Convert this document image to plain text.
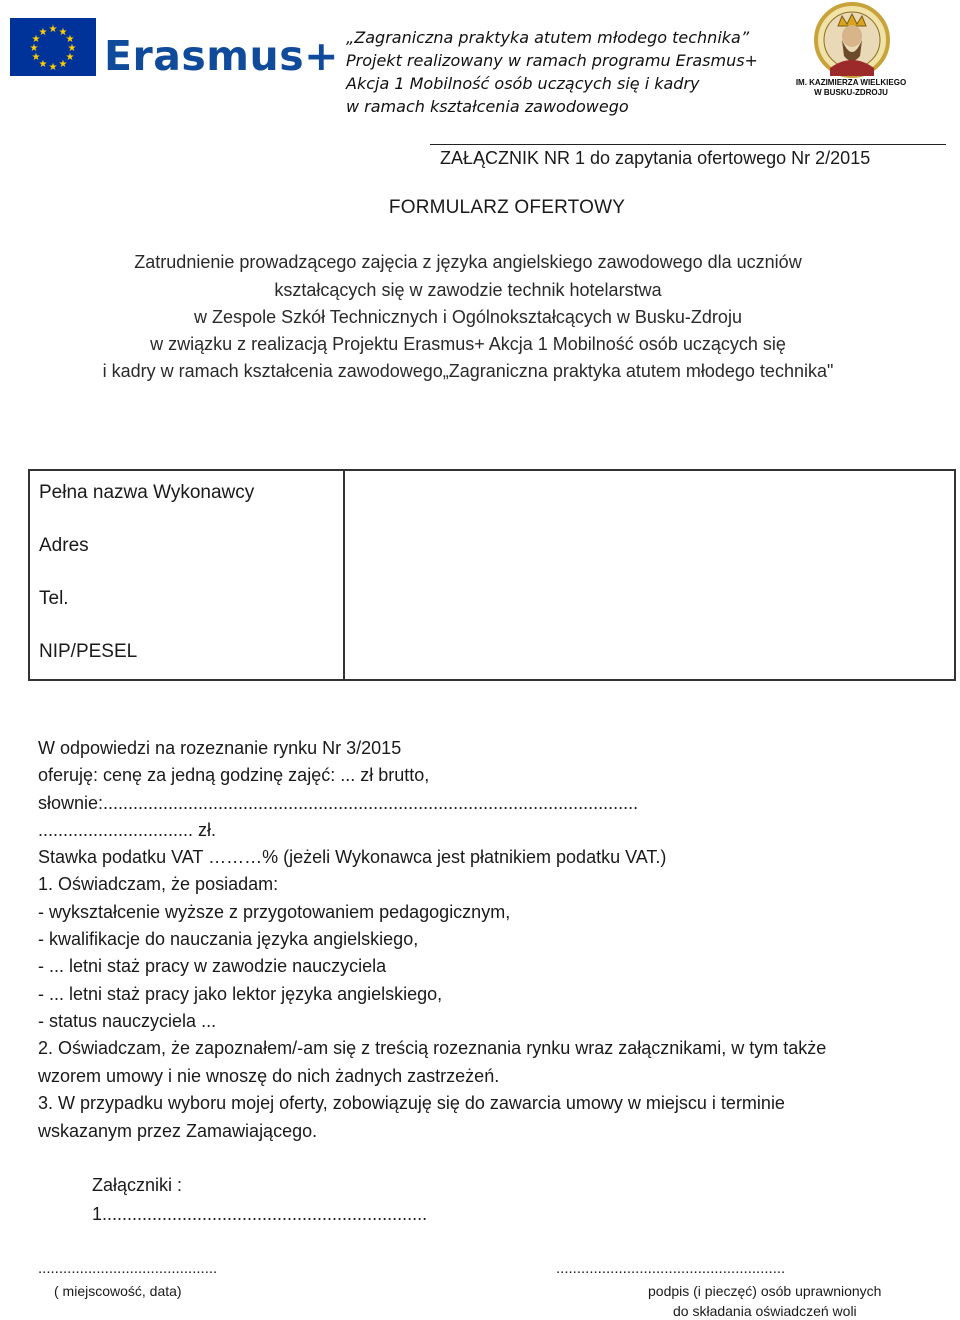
★ ★
★
★
★
★
★
★
★
★
★
★ Erasmus+ „Zagraniczna praktyka atutem młodego technika”
Projekt realizowany w ramach programu Erasmus+
Akcja 1 Mobilność osób uczących się i kadry
w ramach kształcenia zawodowego
IM. KAZIMIERZA WIELKIEGO
W BUSKU-ZDROJU
ZAŁĄCZNIK NR 1 do zapytania ofertowego Nr 2/2015
FORMULARZ OFERTOWY
Zatrudnienie prowadzącego zajęcia z języka angielskiego zawodowego dla uczniów
kształcących się w zawodzie technik hotelarstwa
w Zespole Szkół Technicznych i Ogólnokształcących w Busku-Zdroju
w związku z realizacją Projektu Erasmus+ Akcja 1 Mobilność osób uczących się
i kadry w ramach kształcenia zawodowego„Zagraniczna praktyka atutem młodego technika"
Pełna nazwa Wykonawcy
Adres
Tel.
NIP/PESEL
W odpowiedzi na rozeznanie rynku Nr 3/2015
oferuję: cenę za jedną godzinę zajęć: ... zł brutto,
słownie:...........................................................................................................
............................... zł.
Stawka podatku VAT ………% (jeżeli Wykonawca jest płatnikiem podatku VAT.)
1. Oświadczam, że posiadam:
- wykształcenie wyższe z przygotowaniem pedagogicznym,
- kwalifikacje do nauczania języka angielskiego,
- ... letni staż pracy w zawodzie nauczyciela
- ... letni staż pracy jako lektor języka angielskiego,
- status nauczyciela ...
2. Oświadczam, że zapoznałem/-am się z treścią rozeznania rynku wraz załącznikami, w tym także
wzorem umowy i nie wnoszę do nich żadnych zastrzeżeń.
3. W przypadku wyboru mojej oferty, zobowiązuję się do zawarcia umowy w miejscu i terminie
wskazanym przez Zamawiającego.
Załączniki :
1.................................................................
...........................................
( miejscowość, data)
.......................................................
podpis (i pieczęć) osób uprawnionych
do składania oświadczeń woli
